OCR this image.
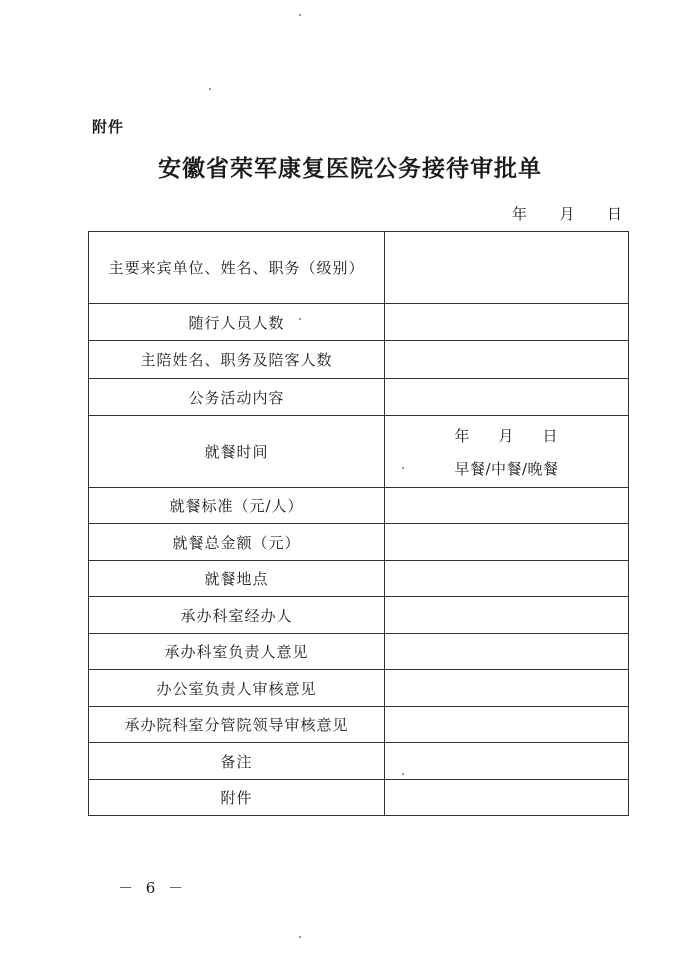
附件
安徽省荣军康复医院公务接待审批单
年 月 日
主要来宾单位、姓名、职务（级别）	
随行人员人数	
主陪姓名、职务及陪客人数	
公务活动内容	
就餐时间	年 月 日
早餐/中餐/晚餐

就餐标准（元/人）	
就餐总金额（元）	
就餐地点	
承办科室经办人	
承办科室负责人意见	
办公室负责人审核意见	
承办院科室分管院领导审核意见	
备注	
附件	
－ 6 －
